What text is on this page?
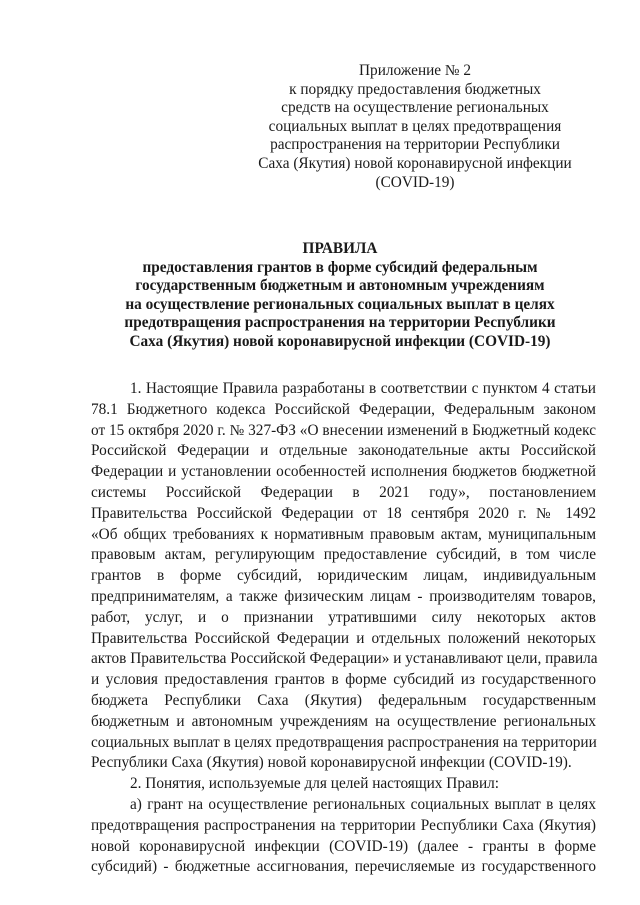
Приложение № 2
к порядку предоставления бюджетных
средств на осуществление региональных
социальных выплат в целях предотвращения
распространения на территории Республики
Саха (Якутия) новой коронавирусной инфекции
(COVID-19)
ПРАВИЛА
предоставления грантов в форме субсидий федеральным
государственным бюджетным и автономным учреждениям
на осуществление региональных социальных выплат в целях
предотвращения распространения на территории Республики
Саха (Якутия) новой коронавирусной инфекции (COVID-19)
1. Настоящие Правила разработаны в соответствии с пунктом 4 статьи
78.1 Бюджетного кодекса Российской Федерации, Федеральным законом
от 15 октября 2020 г. № 327-ФЗ «О внесении изменений в Бюджетный кодекс
Российской Федерации и отдельные законодательные акты Российской
Федерации и установлении особенностей исполнения бюджетов бюджетной
системы Российской Федерации в 2021 году», постановлением
Правительства Российской Федерации от 18 сентября 2020 г. № 1492
«Об общих требованиях к нормативным правовым актам, муниципальным
правовым актам, регулирующим предоставление субсидий, в том числе
грантов в форме субсидий, юридическим лицам, индивидуальным
предпринимателям, а также физическим лицам - производителям товаров,
работ, услуг, и о признании утратившими силу некоторых актов
Правительства Российской Федерации и отдельных положений некоторых
актов Правительства Российской Федерации» и устанавливают цели, правила
и условия предоставления грантов в форме субсидий из государственного
бюджета Республики Саха (Якутия) федеральным государственным
бюджетным и автономным учреждениям на осуществление региональных
социальных выплат в целях предотвращения распространения на территории
Республики Саха (Якутия) новой коронавирусной инфекции (COVID-19).
2. Понятия, используемые для целей настоящих Правил:
а) грант на осуществление региональных социальных выплат в целях
предотвращения распространения на территории Республики Саха (Якутия)
новой коронавирусной инфекции (COVID-19) (далее - гранты в форме
субсидий) - бюджетные ассигнования, перечисляемые из государственного
